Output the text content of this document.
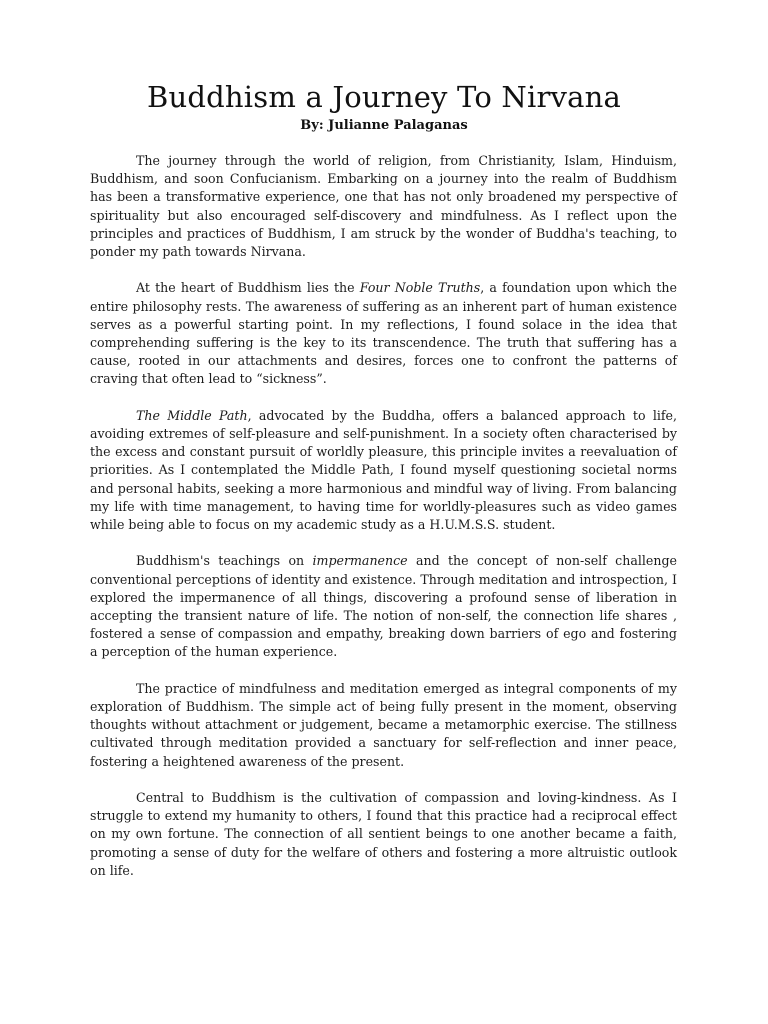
Buddhism a Journey To Nirvana

By: Julianne Palaganas

The journey through the world of religion, from Christianity, Islam, Hinduism, Buddhism, and soon Confucianism. Embarking on a journey into the realm of Buddhism has been a transformative experience, one that has not only broadened my perspective of spirituality but also encouraged self-discovery and mindfulness. As I reflect upon the principles and practices of Buddhism, I am struck by the wonder of Buddha's teaching, to ponder my path towards Nirvana.

At the heart of Buddhism lies the Four Noble Truths, a foundation upon which the entire philosophy rests. The awareness of suffering as an inherent part of human existence serves as a powerful starting point. In my reflections, I found solace in the idea that comprehending suffering is the key to its transcendence. The truth that suffering has a cause, rooted in our attachments and desires, forces one to confront the patterns of craving that often lead to “sickness”.

The Middle Path, advocated by the Buddha, offers a balanced approach to life, avoiding extremes of self-pleasure and self-punishment. In a society often characterised by the excess and constant pursuit of worldly pleasure, this principle invites a reevaluation of priorities. As I contemplated the Middle Path, I found myself questioning societal norms and personal habits, seeking a more harmonious and mindful way of living. From balancing my life with time management, to having time for worldly-pleasures such as video games while being able to focus on my academic study as a H.U.M.S.S. student.

Buddhism's teachings on impermanence and the concept of non-self challenge conventional perceptions of identity and existence. Through meditation and introspection, I explored the impermanence of all things, discovering a profound sense of liberation in accepting the transient nature of life. The notion of non-self, the connection life shares , fostered a sense of compassion and empathy, breaking down barriers of ego and fostering a perception of the human experience.

The practice of mindfulness and meditation emerged as integral components of my exploration of Buddhism. The simple act of being fully present in the moment, observing thoughts without attachment or judgement, became a metamorphic exercise. The stillness cultivated through meditation provided a sanctuary for self-reflection and inner peace, fostering a heightened awareness of the present.

Central to Buddhism is the cultivation of compassion and loving-kindness. As I struggle to extend my humanity to others, I found that this practice had a reciprocal effect on my own fortune. The connection of all sentient beings to one another became a faith, promoting a sense of duty for the welfare of others and fostering a more altruistic outlook on life.
